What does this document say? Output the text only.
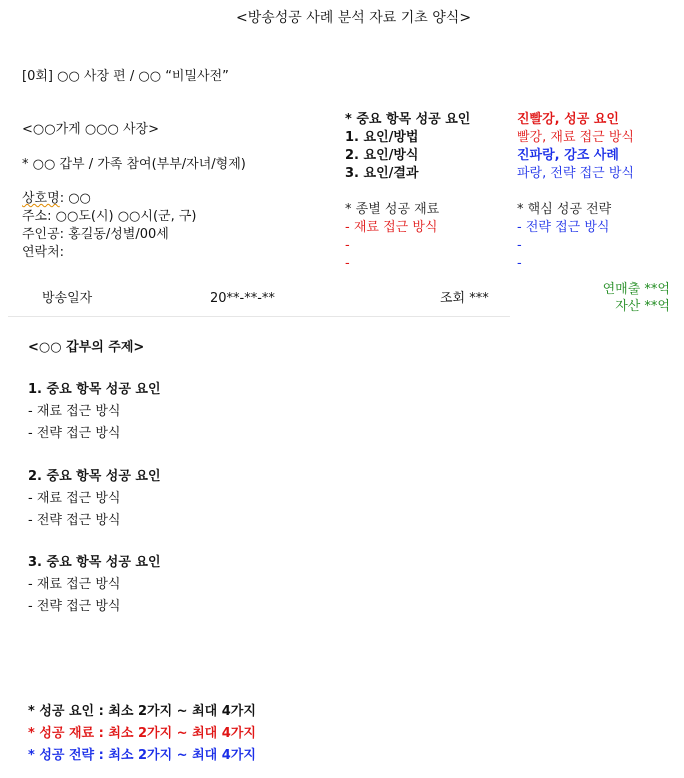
<방송성공 사례 분석 자료 기초 양식>
[0회] ○○ 사장 편 / ○○ “비밀사전”
<○○가게 ○○○ 사장>
* ○○ 갑부 / 가족 참여(부부/자녀/형제)
상호명: ○○
주소: ○○도(시) ○○시(군, 구)
주인공: 홍길동/성별/00세
연락처:
* 중요 항목 성공 요인
1. 요인/방법
2. 요인/방식
3. 요인/결과
진빨강, 성공 요인
빨강, 재료 접근 방식
진파랑, 강조 사례
파랑, 전략 접근 방식
* 종별 성공 재료
- 재료 접근 방식
-
-
* 핵심 성공 전략
- 전략 접근 방식
-
-
방송일자	20**-**-**	조회 ***
연매출 **억
자산 **억
<○○ 갑부의 주제>
1. 중요 항목 성공 요인
- 재료 접근 방식
- 전략 접근 방식
2. 중요 항목 성공 요인
- 재료 접근 방식
- 전략 접근 방식
3. 중요 항목 성공 요인
- 재료 접근 방식
- 전략 접근 방식
* 성공 요인 : 최소 2가지 ~ 최대 4가지
* 성공 재료 : 최소 2가지 ~ 최대 4가지
* 성공 전략 : 최소 2가지 ~ 최대 4가지
